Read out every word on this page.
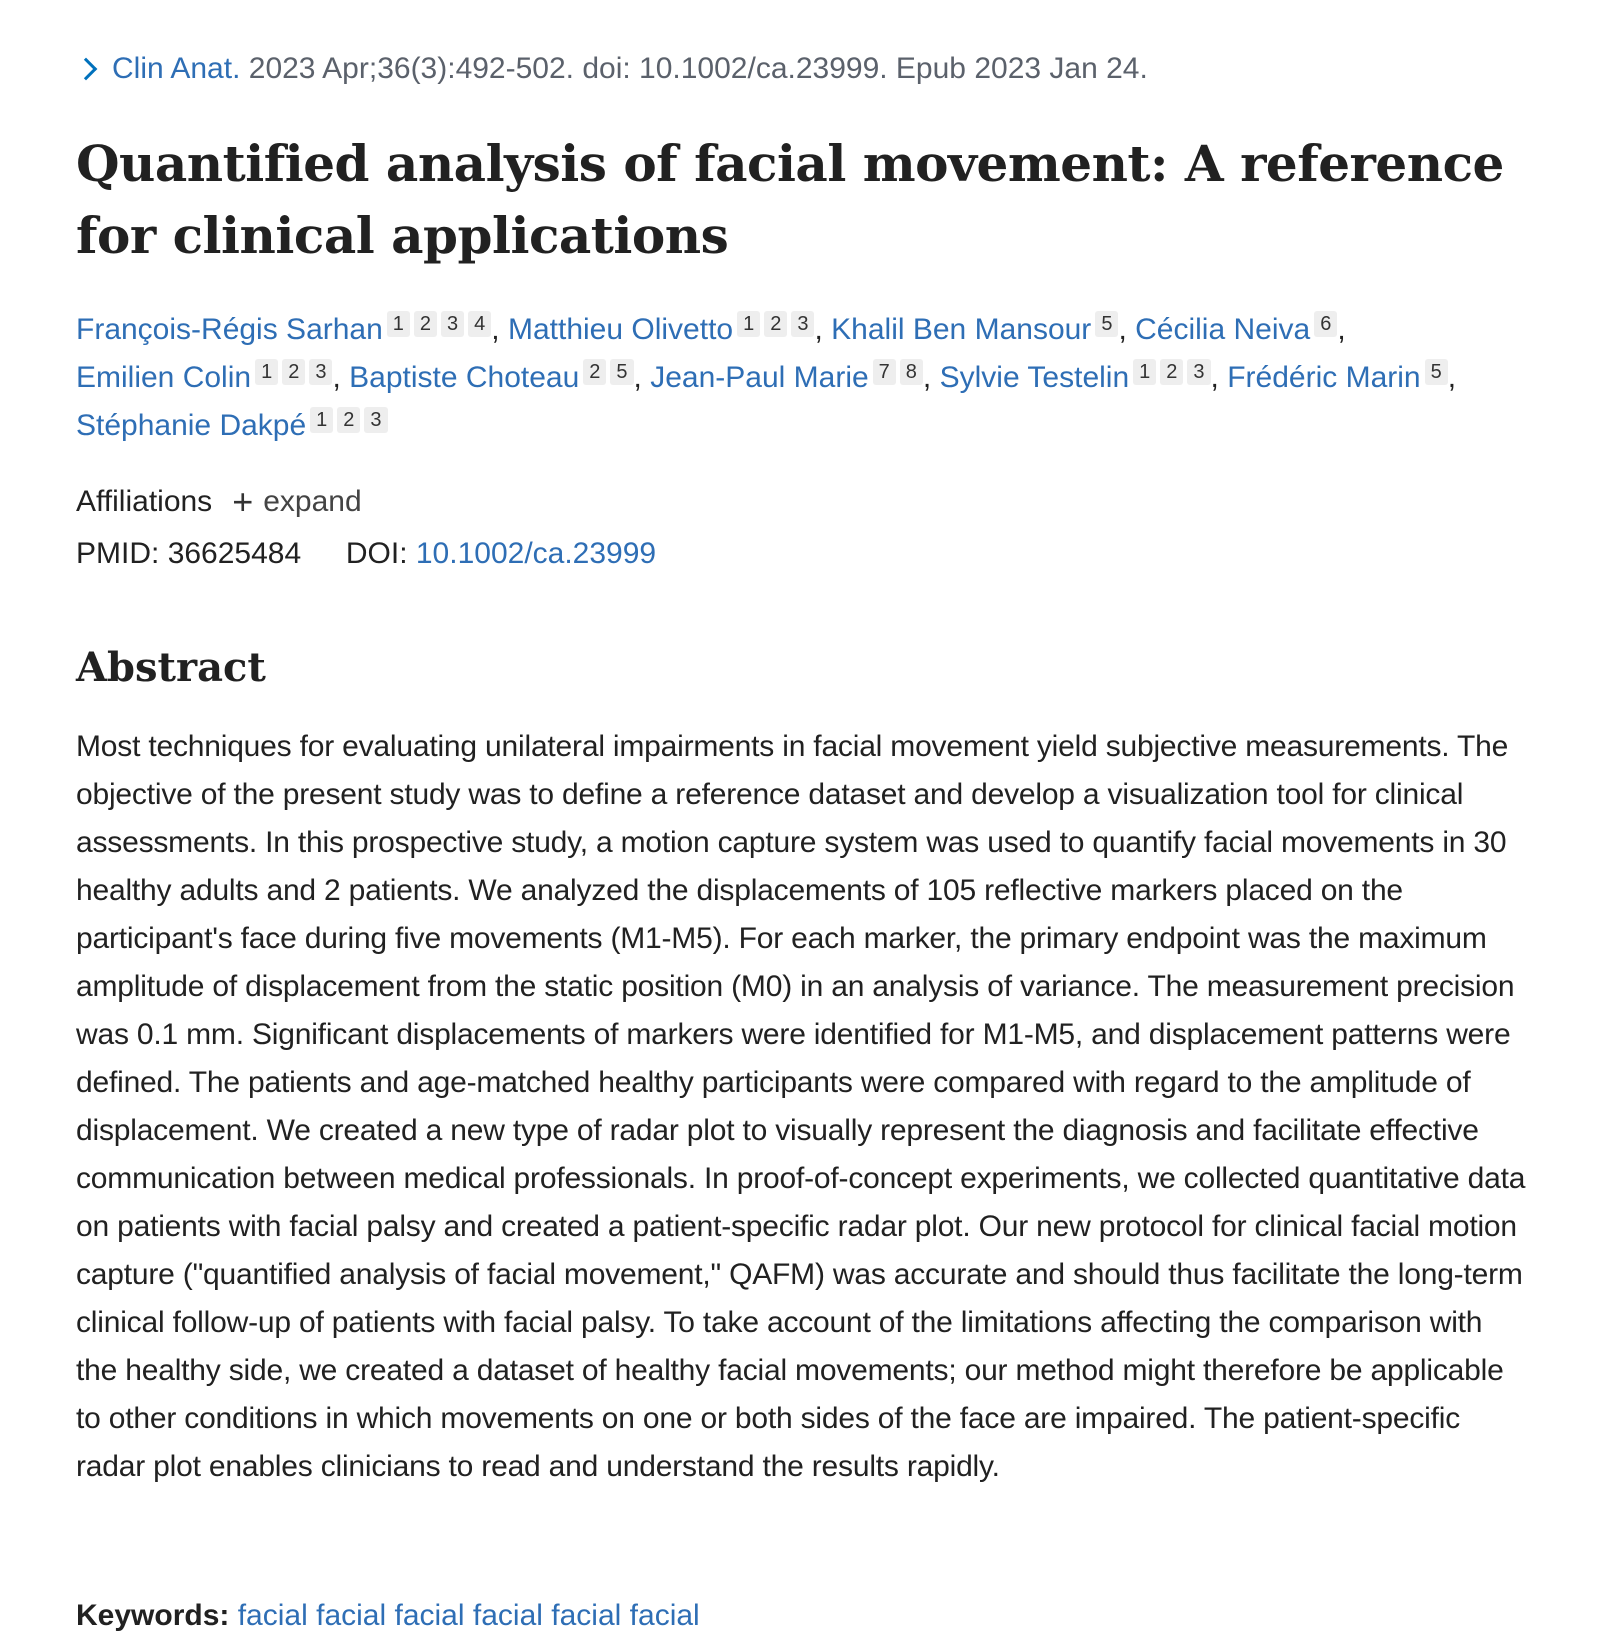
Clin Anat. 2023 Apr;36(3):492-502. doi: 10.1002/ca.23999. Epub 2023 Jan 24.
Quantified analysis of facial movement: A reference for clinical applications
François-Régis Sarhan 1 2 3 4 , Matthieu Olivetto 1 2 3 , Khalil Ben Mansour 5 , Cécilia Neiva 6 , Emilien Colin 1 2 3 , Baptiste Choteau 2 5 , Jean-Paul Marie 7 8 , Sylvie Testelin 1 2 3 , Frédéric Marin 5 , Stéphanie Dakpé 1 2 3
Affiliations + expand
PMID: 36625484 DOI: 10.1002/ca.23999
Abstract

Most techniques for evaluating unilateral impairments in facial movement yield subjective measurements. The objective of the present study was to define a reference dataset and develop a visualization tool for clinical assessments. In this prospective study, a motion capture system was used to quantify facial movements in 30 healthy adults and 2 patients. We analyzed the displacements of 105 reflective markers placed on the participant's face during five movements (M1-M5). For each marker, the primary endpoint was the maximum amplitude of displacement from the static position (M0) in an analysis of variance. The measurement precision was 0.1 mm. Significant displacements of markers were identified for M1-M5, and displacement patterns were defined. The patients and age-matched healthy participants were compared with regard to the amplitude of displacement. We created a new type of radar plot to visually represent the diagnosis and facilitate effective communication between medical professionals. In proof-of-concept experiments, we collected quantitative data on patients with facial palsy and created a patient-specific radar plot. Our new protocol for clinical facial motion capture ("quantified analysis of facial movement," QAFM) was accurate and should thus facilitate the long-term clinical follow-up of patients with facial palsy. To take account of the limitations affecting the comparison with the healthy side, we created a dataset of healthy facial movements; our method might therefore be applicable to other conditions in which movements on one or both sides of the face are impaired. The patient-specific radar plot enables clinicians to read and understand the results rapidly.

Keywords: facial facial facial facial facial facial
